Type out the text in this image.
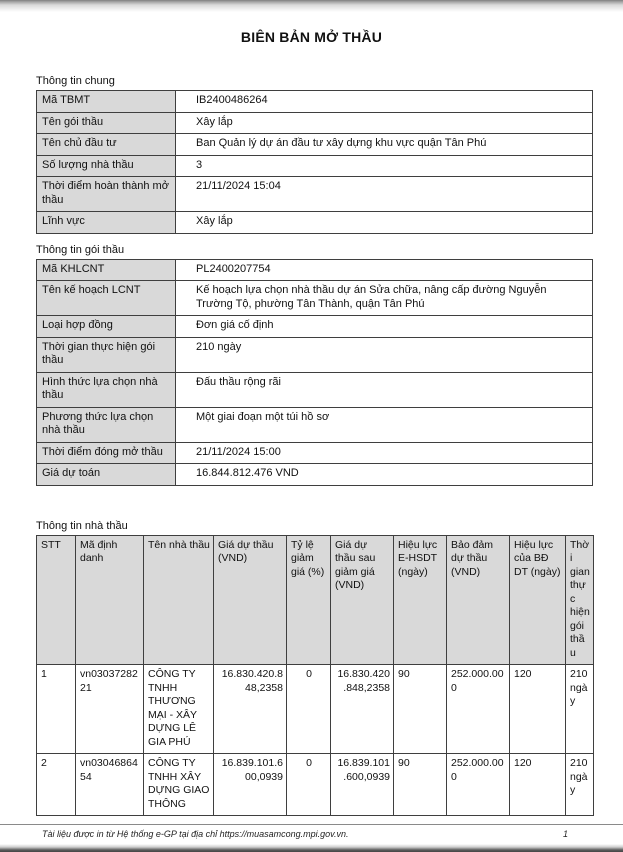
BIÊN BẢN MỞ THẦU
Thông tin chung
Mã TBMT	IB2400486264
Tên gói thầu	Xây lắp
Tên chủ đầu tư	Ban Quản lý dự án đầu tư xây dựng khu vực quận Tân Phú
Số lượng nhà thầu	3
Thời điểm hoàn thành mở thầu	21/11/2024 15:04
Lĩnh vực	Xây lắp
Thông tin gói thầu
Mã KHLCNT	PL2400207754
Tên kế hoạch LCNT	Kế hoạch lựa chọn nhà thầu dự án Sửa chữa, nâng cấp đường Nguyễn Trường Tộ, phường Tân Thành, quận Tân Phú
Loại hợp đồng	Đơn giá cố định
Thời gian thực hiện gói thầu	210 ngày
Hình thức lựa chọn nhà thầu	Đấu thầu rộng rãi
Phương thức lựa chọn nhà thầu	Một giai đoạn một túi hồ sơ
Thời điểm đóng mở thầu	21/11/2024 15:00
Giá dự toán	16.844.812.476 VND
Thông tin nhà thầu
STT	Mã định danh	Tên nhà thầu	Giá dự thầu (VND)	Tỷ lệ giảm giá (%)	Giá dự thầu sau giảm giá (VND)	Hiệu lực E-HSDT (ngày)	Bảo đảm dự thầu (VND)	Hiệu lực của BĐ DT (ngày)	Thời gian thực hiện gói thầu
1	vn0303728221	CÔNG TY TNHH THƯƠNG MẠI - XÂY DỰNG LÊ GIA PHÚ	16.830.420.848,2358	0	16.830.420.848,2358	90	252.000.000	120	210 ngày
2	vn0304686454	CÔNG TY TNHH XÂY DỰNG GIAO THÔNG	16.839.101.600,0939	0	16.839.101.600,0939	90	252.000.000	120	210 ngày
Tài liệu được in từ Hệ thống e-GP tại địa chỉ https://muasamcong.mpi.gov.vn.	1
